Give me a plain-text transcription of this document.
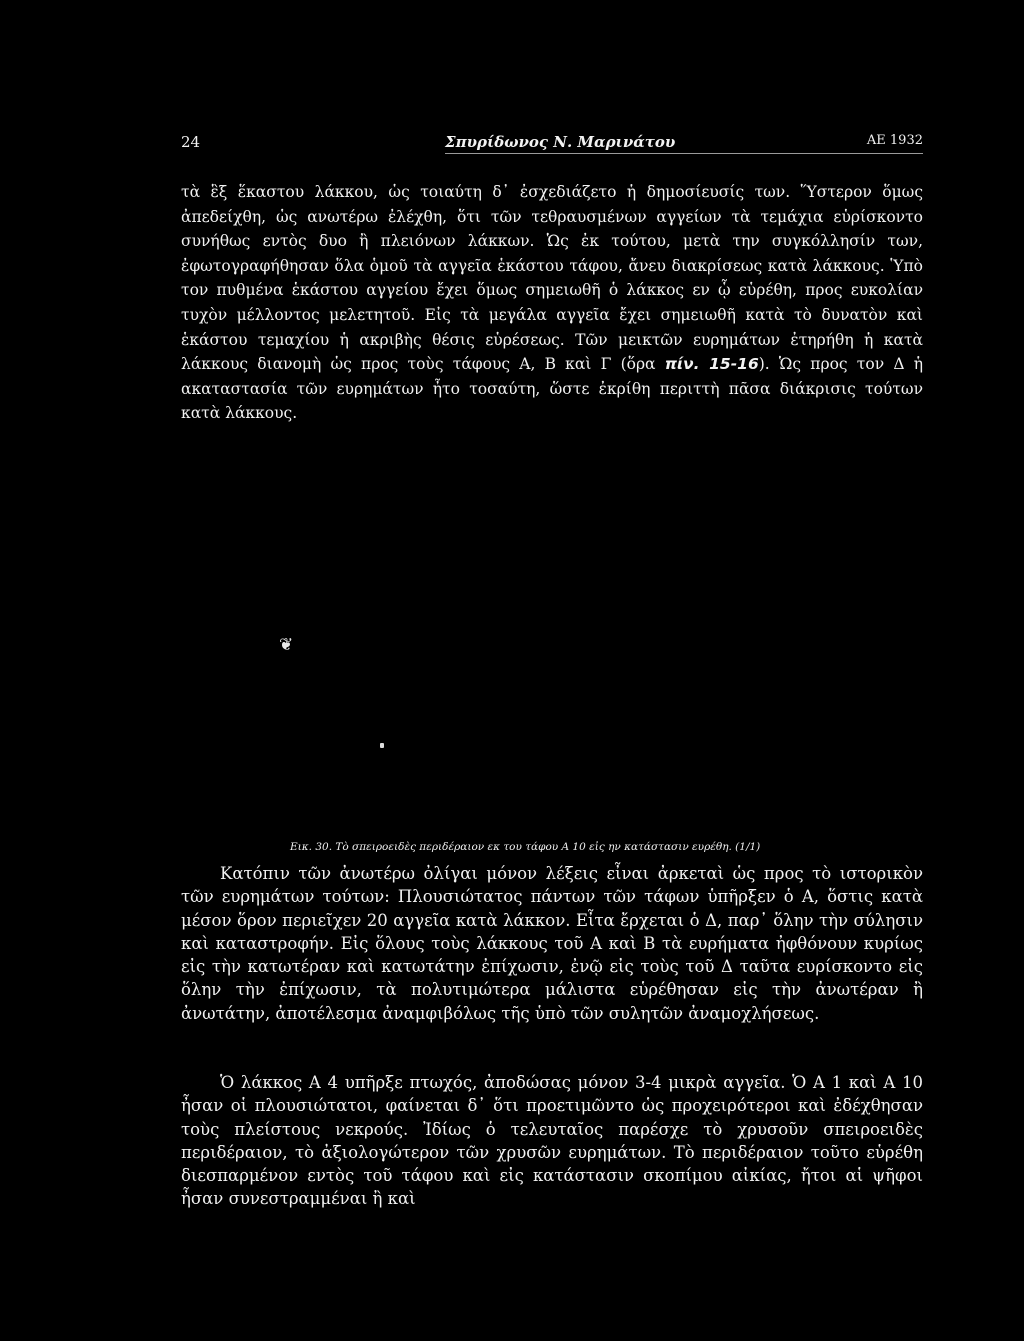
24	Σπυρίδωνος Ν. Μαρινάτου	ΑΕ 1932

τὰ ἓξ ἕκαστου λάκκου, ὡς τοιαύτη δ᾽ ἐσχεδιάζετο ἡ δημοσίευσίς των. Ὕστερον ὅμως ἀπεδείχθη, ὡς ανωτέρω ἐλέχθη, ὅτι τῶν τεθραυσμένων αγγείων τὰ τεμάχια εὑρίσκοντο συνήθως εντὸς δυο ἢ πλειόνων λάκκων. Ὡς ἐκ τούτου, μετὰ την συγκόλλησίν των, ἐφωτογραφήθησαν ὅλα ὁμοῦ τὰ αγγεῖα ἑκάστου τάφου, ἄνευ διακρίσεως κατὰ λάκκους. Ὑπὸ τον πυθμένα ἑκάστου αγγείου ἔχει ὅμως σημειωθῆ ὁ λάκκος εν ᾧ εὑρέθη, προς ευκολίαν τυχὸν μέλλοντος μελετητοῦ. Εἰς τὰ μεγάλα αγγεῖα ἔχει σημειωθῆ κατὰ τὸ δυνατὸν καὶ ἑκάστου τεμαχίου ἡ ακριβὴς θέσις εὑρέσεως. Τῶν μεικτῶν ευρημάτων ἐτηρήθη ἡ κατὰ λάκκους διανομὴ ὡς προς τοὺς τάφους Α, Β καὶ Γ (ὅρα πίν. 15-16). Ὡς προς τον Δ ἡ ακαταστασία τῶν ευρημάτων ἦτο τοσαύτη, ὥστε ἐκρίθη περιττὴ πᾶσα διάκρισις τούτων κατὰ λάκκους.

❦
Εικ. 30. Τὸ σπειροειδὲς περιδέραιον εκ του τάφου Α 10 εἰς ην κατάστασιν ευρέθη. (1/1)

Κατόπιν τῶν ἀνωτέρω ὀλίγαι μόνον λέξεις εἶναι ἀρκεταὶ ὡς προς τὸ ιστορικὸν τῶν ευρημάτων τούτων: Πλουσιώτατος πάντων τῶν τάφων ὑπῆρξεν ὁ Α, ὅστις κατὰ μέσον ὅρον περιεῖχεν 20 αγγεῖα κατὰ λάκκον. Εἶτα ἔρχεται ὁ Δ, παρ᾽ ὅλην τὴν σύλησιν καὶ καταστροφήν. Εἰς ὅλους τοὺς λάκκους τοῦ Α καὶ Β τὰ ευρήματα ἠφθόνουν κυρίως εἰς τὴν κατωτέραν καὶ κατωτάτην ἐπίχωσιν, ἐνῷ εἰς τοὺς τοῦ Δ ταῦτα ευρίσκοντο εἰς ὅλην τὴν ἐπίχωσιν, τὰ πολυτιμώτερα μάλιστα εὑρέθησαν εἰς τὴν ἀνωτέραν ἢ ἀνωτάτην, ἀποτέλεσμα ἀναμφιβόλως τῆς ὑπὸ τῶν συλητῶν ἀναμοχλήσεως.

Ὁ λάκκος Α 4 υπῆρξε πτωχός, ἀποδώσας μόνον 3-4 μικρὰ αγγεῖα. Ὁ Α 1 καὶ Α 10 ἦσαν οἱ πλουσιώτατοι, φαίνεται δ᾽ ὅτι προετιμῶντο ὡς προχειρότεροι καὶ ἐδέχθησαν τοὺς πλείστους νεκρούς. Ἰδίως ὁ τελευταῖος παρέσχε τὸ χρυσοῦν σπειροειδὲς περιδέραιον, τὸ ἀξιολογώτερον τῶν χρυσῶν ευρημάτων. Τὸ περιδέραιον τοῦτο εὑρέθη διεσπαρμένον εντὸς τοῦ τάφου καὶ εἰς κατάστασιν σκοπίμου αἰκίας, ἤτοι αἱ ψῆφοι ἦσαν συνεστραμμέναι ἢ καὶ
